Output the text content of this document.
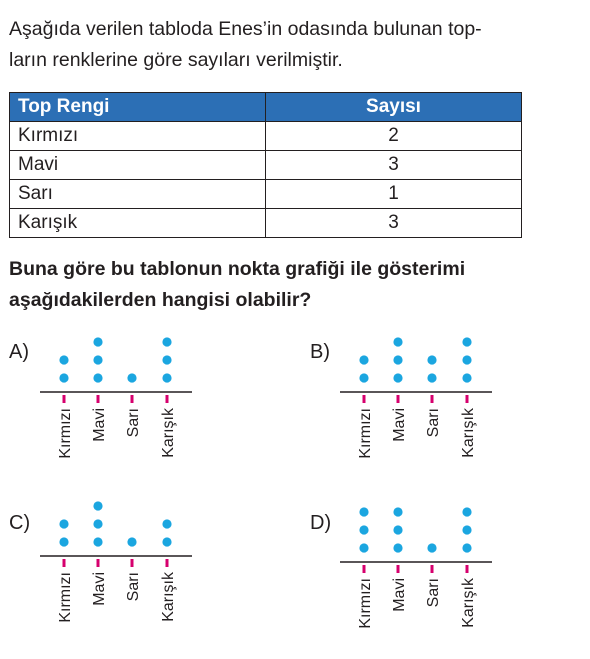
Aşağıda verilen tabloda Enes’in odasında bulunan top-
ların renklerine göre sayıları verilmiştir.
Top Rengi	Sayısı
Kırmızı	2
Mavi	3
Sarı	1
Karışık	3
Buna göre bu tablonun nokta grafiği ile gösterimi
aşağıdakilerden hangisi olabilir?
A)
Kırmızı Mavi Sarı Karışık
B)
Kırmızı Mavi Sarı Karışık
C)
Kırmızı Mavi Sarı Karışık
D)
Kırmızı Mavi Sarı Karışık
